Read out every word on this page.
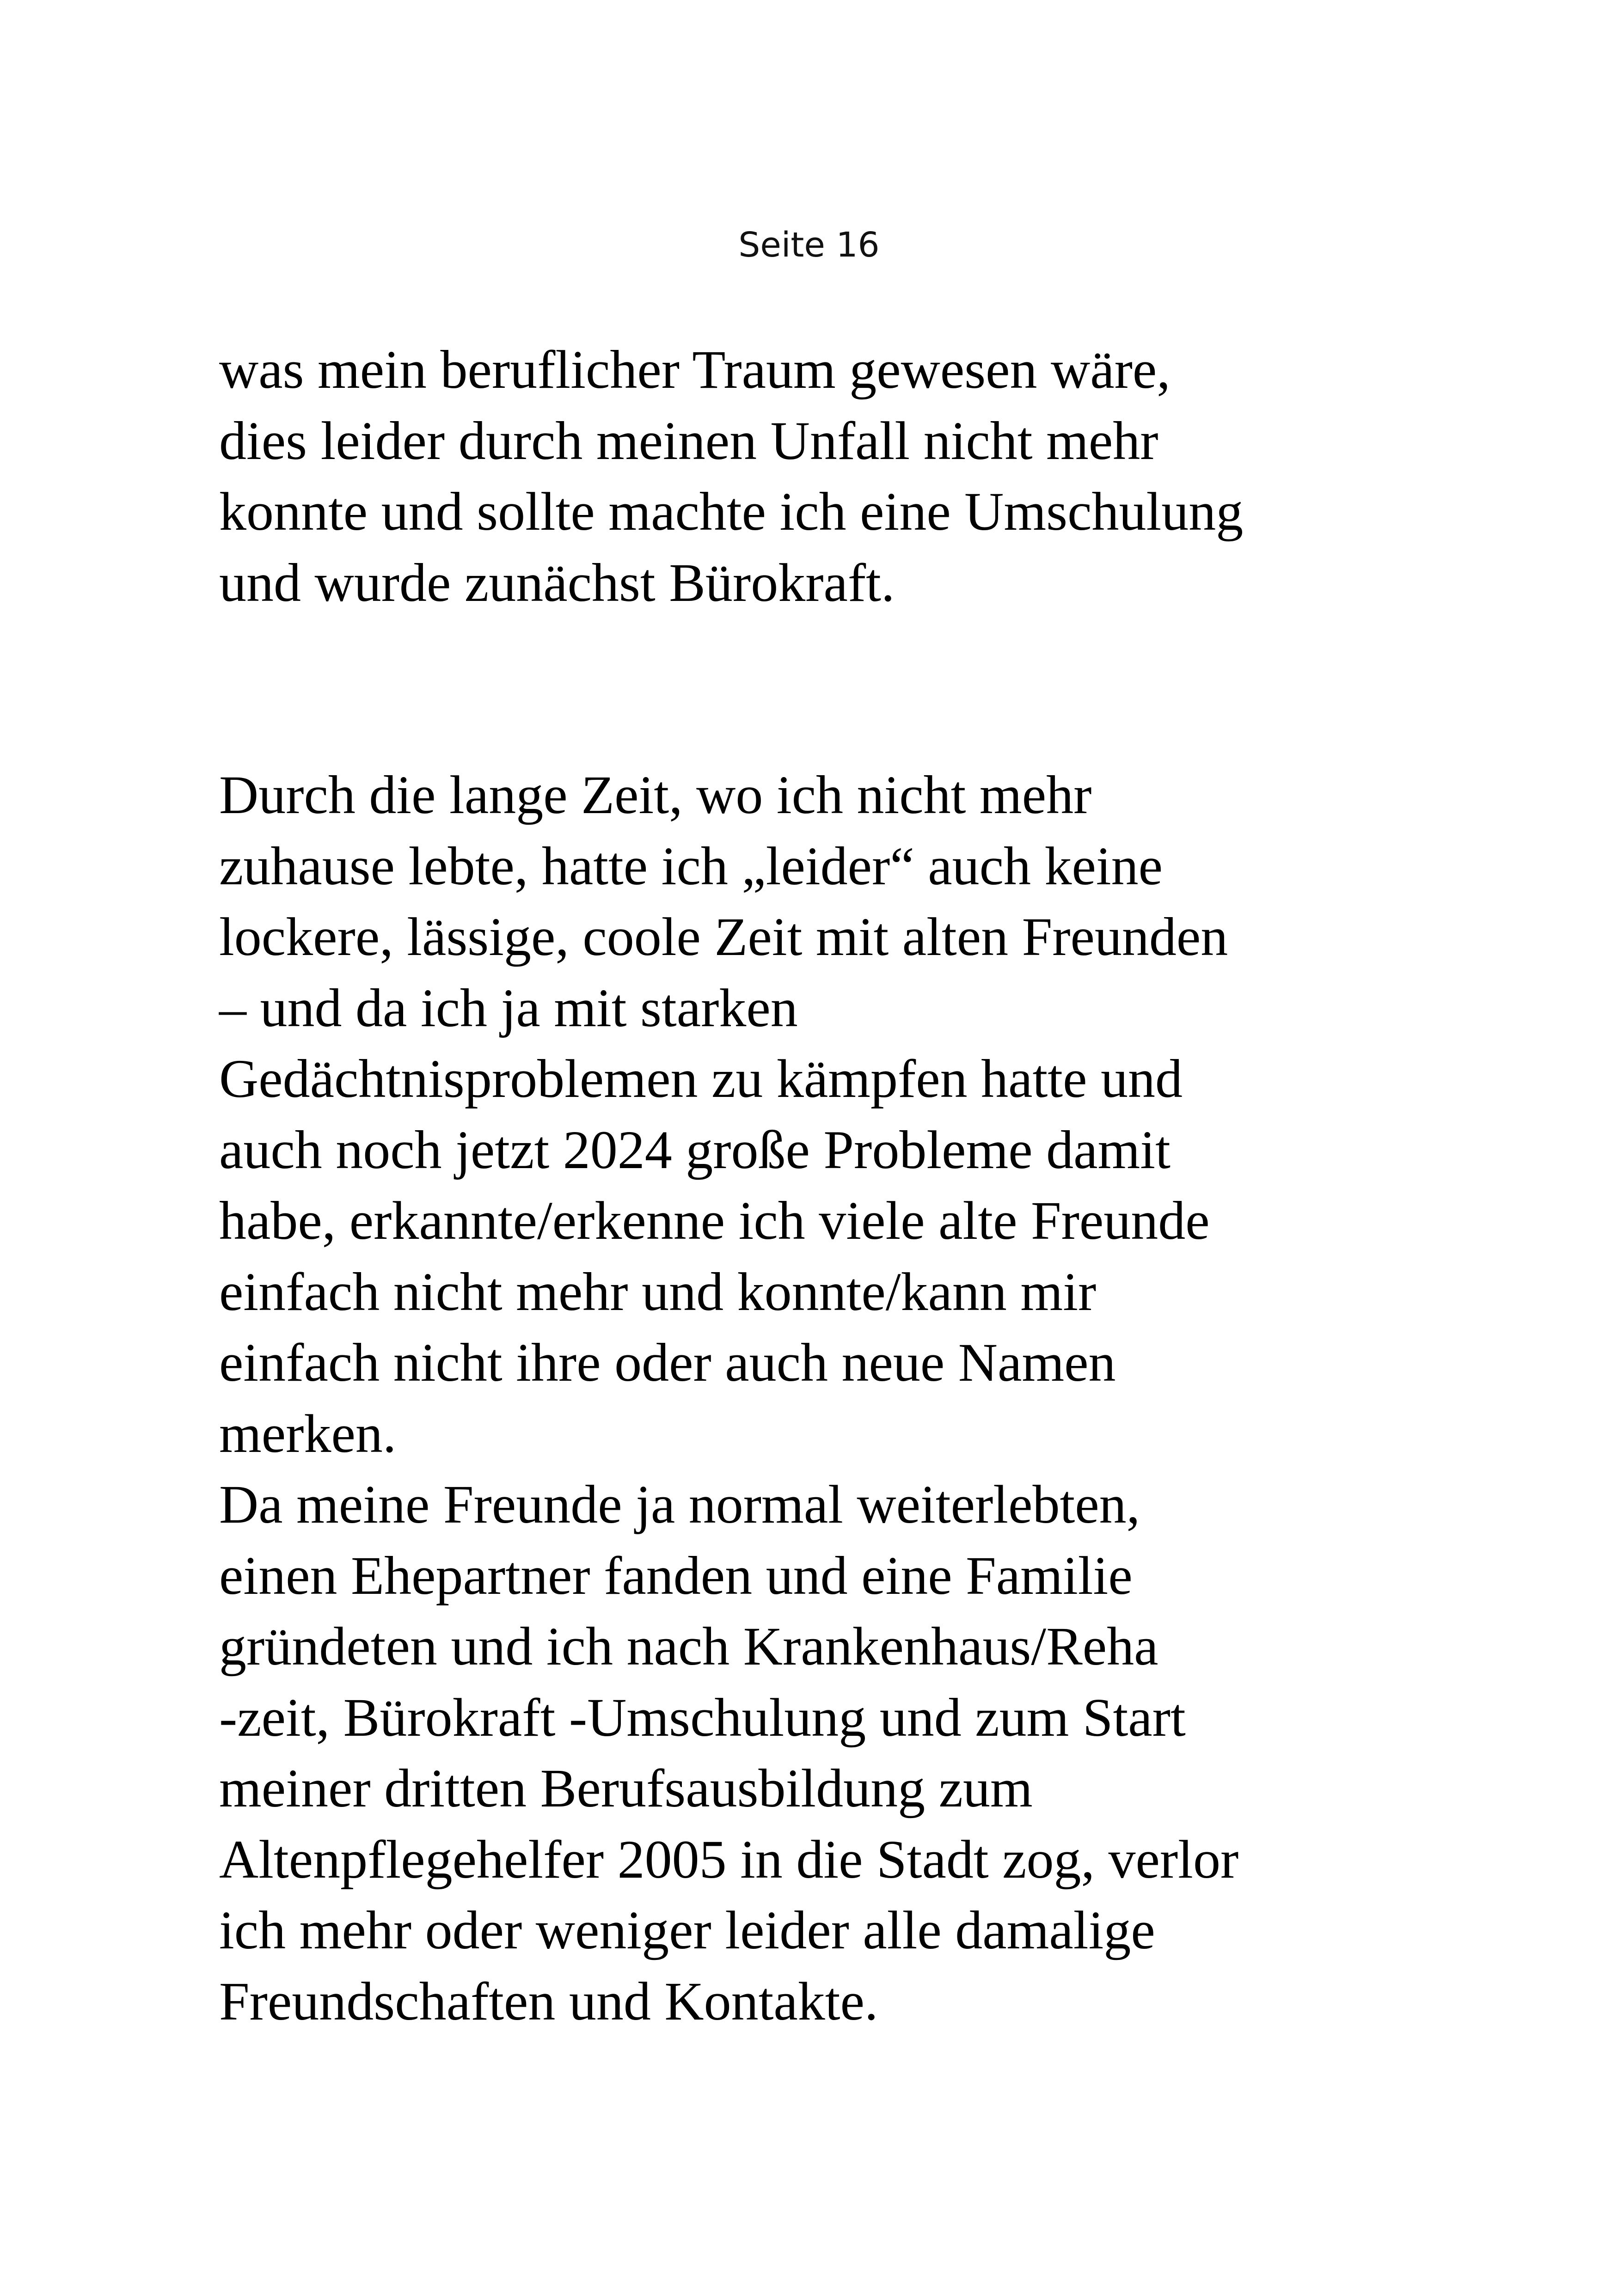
Seite 16
was mein beruflicher Traum gewesen wäre,
dies leider durch meinen Unfall nicht mehr
konnte und sollte machte ich eine Umschulung
und wurde zunächst Bürokraft.
Durch die lange Zeit, wo ich nicht mehr
zuhause lebte, hatte ich „leider“ auch keine
lockere, lässige, coole Zeit mit alten Freunden
– und da ich ja mit starken
Gedächtnisproblemen zu kämpfen hatte und
auch noch jetzt 2024 große Probleme damit
habe, erkannte/erkenne ich viele alte Freunde
einfach nicht mehr und konnte/kann mir
einfach nicht ihre oder auch neue Namen
merken.
Da meine Freunde ja normal weiterlebten,
einen Ehepartner fanden und eine Familie
gründeten und ich nach Krankenhaus/Reha
-zeit, Bürokraft -Umschulung und zum Start
meiner dritten Berufsausbildung zum
Altenpflegehelfer 2005 in die Stadt zog, verlor
ich mehr oder weniger leider alle damalige
Freundschaften und Kontakte.
